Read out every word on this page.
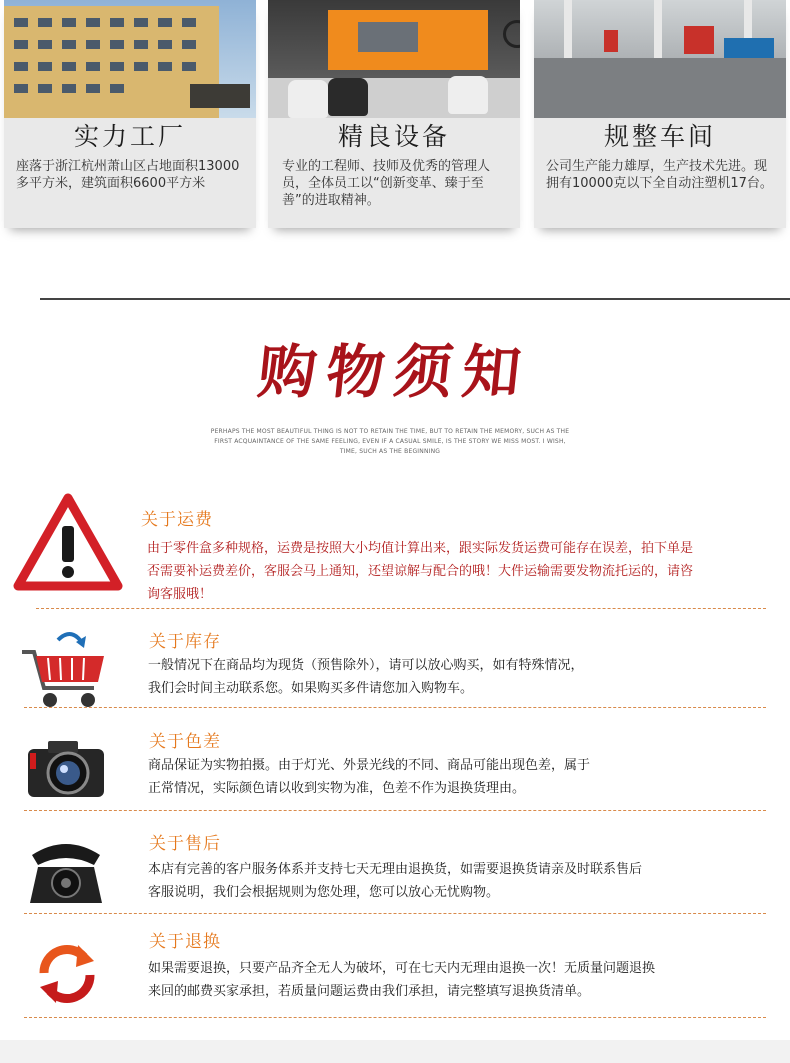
实力工厂
座落于浙江杭州萧山区占地面积13000多平方米，建筑面积6600平方米
精良设备
专业的工程师、技师及优秀的管理人员，全体员工以“创新变革、臻于至善”的进取精神。
规整车间
公司生产能力雄厚，生产技术先进。现拥有10000克以下全自动注塑机17台。
购物须知
PERHAPS THE MOST BEAUTIFUL THING IS NOT TO RETAIN THE TIME, BUT TO RETAIN THE MEMORY, SUCH AS THE FIRST ACQUAINTANCE OF THE SAME FEELING, EVEN IF A CASUAL SMILE, IS THE STORY WE MISS MOST. I WISH, TIME, SUCH AS THE BEGINNING
关于运费
由于零件盒多种规格，运费是按照大小均值计算出来，跟实际发货运费可能存在误差，拍下单是
否需要补运费差价，客服会马上通知，还望谅解与配合的哦！大件运输需要发物流托运的，请咨
询客服哦！
关于库存
一般情况下在商品均为现货（预售除外），请可以放心购买，如有特殊情况，
我们会时间主动联系您。如果购买多件请您加入购物车。
关于色差
商品保证为实物拍摄。由于灯光、外景光线的不同、商品可能出现色差，属于
正常情况，实际颜色请以收到实物为准，色差不作为退换货理由。
关于售后
本店有完善的客户服务体系并支持七天无理由退换货，如需要退换货请亲及时联系售后
客服说明，我们会根据规则为您处理，您可以放心无忧购物。
关于退换
如果需要退换，只要产品齐全无人为破坏，可在七天内无理由退换一次！无质量问题退换
来回的邮费买家承担，若质量问题运费由我们承担，请完整填写退换货清单。
